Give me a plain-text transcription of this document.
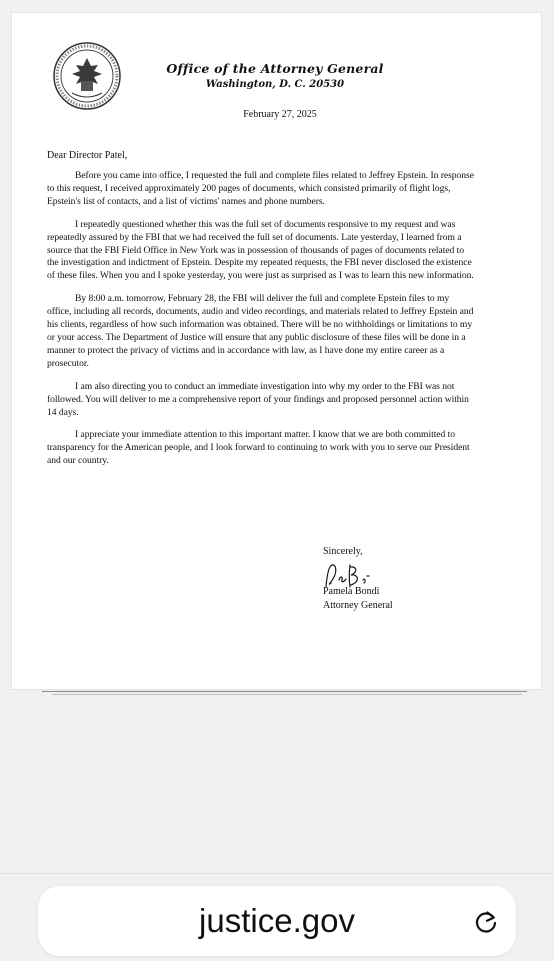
Office of the Attorney General
Washington, D. C. 20530
February 27, 2025
Dear Director Patel,

Before you came into office, I requested the full and complete files related to Jeffrey Epstein. In response to this request, I received approximately 200 pages of documents, which consisted primarily of flight logs, Epstein's list of contacts, and a list of victims' names and phone numbers.

I repeatedly questioned whether this was the full set of documents responsive to my request and was repeatedly assured by the FBI that we had received the full set of documents. Late yesterday, I learned from a source that the FBI Field Office in New York was in possession of thousands of pages of documents related to the investigation and indictment of Epstein. Despite my repeated requests, the FBI never disclosed the existence of these files. When you and I spoke yesterday, you were just as surprised as I was to learn this new information.

By 8:00 a.m. tomorrow, February 28, the FBI will deliver the full and complete Epstein files to my office, including all records, documents, audio and video recordings, and materials related to Jeffrey Epstein and his clients, regardless of how such information was obtained. There will be no withholdings or limitations to my or your access. The Department of Justice will ensure that any public disclosure of these files will be done in a manner to protect the privacy of victims and in accordance with law, as I have done my entire career as a prosecutor.

I am also directing you to conduct an immediate investigation into why my order to the FBI was not followed. You will deliver to me a comprehensive report of your findings and proposed personnel action within 14 days.

I appreciate your immediate attention to this important matter. I know that we are both committed to transparency for the American people, and I look forward to continuing to work with you to serve our President and our country.

Sincerely,
Pamela Bondi
Attorney General
justice.gov
